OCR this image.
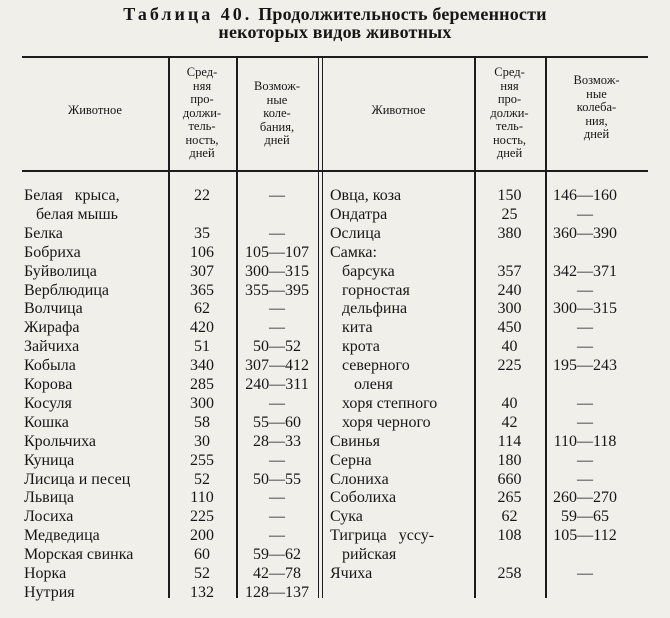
Таблица 40. Продолжительность беременности
некоторых видов животных
Животное
Сред-
няя
про-
должи-
тель-
ность,
дней
Возмож-
ные
коле-
бания,
дней
Животное
Сред-
няя
про-
должи-
тель-
ность,
дней
Возмож-
ные
колеба-
ния,
дней
Белая   крыса,	22	—
белая мышь
Белка	35	—
Бобриха	106	105—107
Буйволица	307	300—315
Верблюдица	365	355—395
Волчица	62	—
Жирафа	420	—
Зайчиха	51	50—52
Кобыла	340	307—412
Корова	285	240—311
Косуля	300	—
Кошка	58	55—60
Крольчиха	30	28—33
Куница	255	—
Лисица и песец	52	50—55
Львица	110	—
Лосиха	225	—
Медведица	200	—
Морская свинка	60	59—62
Норка	52	42—78
Нутрия	132	128—137
Овца, коза	150	146—160
Ондатра	25	—
Ослица	380	360—390
Самка:
барсука	357	342—371
горностая	240	—
дельфина	300	300—315
кита	450	—
крота	40	—
северного	225	195—243
оленя
хоря степного	40	—
хоря черного	42	—
Свинья	114	110—118
Серна	180	—
Слониха	660	—
Соболиха	265	260—270
Сука	62	59—65
Тигрица   уссу-	108	105—112
рийская
Ячиха	258	—
